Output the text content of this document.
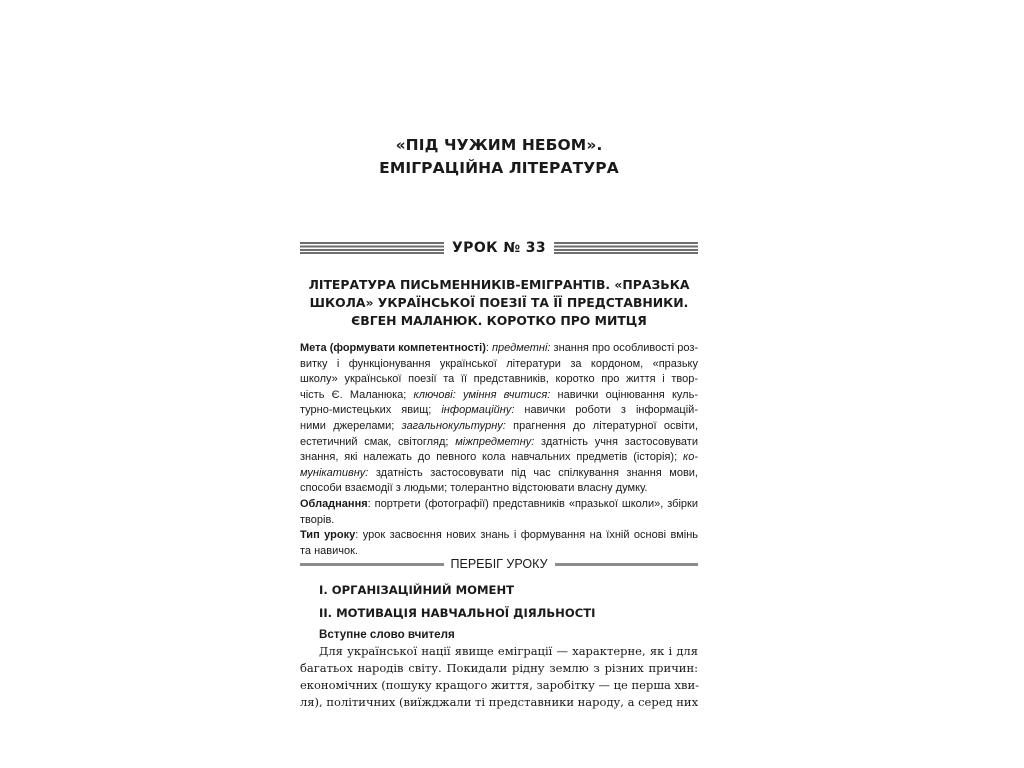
«ПІД ЧУЖИМ НЕБОМ».
ЕМІГРАЦІЙНА ЛІТЕРАТУРА
УРОК № 33
ЛІТЕРАТУРА ПИСЬМЕННИКІВ-ЕМІГРАНТІВ. «ПРАЗЬКА
ШКОЛА» УКРАЇНСЬКОЇ ПОЕЗІЇ ТА ЇЇ ПРЕДСТАВНИКИ.
ЄВГЕН МАЛАНЮК. КОРОТКО ПРО МИТЦЯ
Мета (формувати компетентності): предметні: знання про особливості роз-
витку і функціонування української літератури за кордоном, «празьку
школу» української поезії та її представників, коротко про життя і твор-
чість Є. Маланюка; ключові: уміння вчитися: навички оцінювання куль-
турно-мистецьких явищ; інформаційну: навички роботи з інформацій-
ними джерелами; загальнокультурну: прагнення до літературної освіти,
естетичний смак, світогляд; міжпредметну: здатність учня застосовувати
знання, які належать до певного кола навчальних предметів (історія); ко-
мунікативну: здатність застосовувати під час спілкування знання мови,
способи взаємодії з людьми; толерантно відстоювати власну думку.
Обладнання: портрети (фотографії) представників «празької школи», збірки
творів.
Тип уроку: урок засвоєння нових знань і формування на їхній основі вмінь
та навичок.
ПЕРЕБІГ УРОКУ
І. ОРГАНІЗАЦІЙНИЙ МОМЕНТ
ІІ. МОТИВАЦІЯ НАВЧАЛЬНОЇ ДІЯЛЬНОСТІ
Вступне слово вчителя
Для української нації явище еміграції — характерне, як і для
багатьох народів світу. Покидали рідну землю з різних причин:
економічних (пошуку кращого життя, заробітку — це перша хви-
ля), політичних (виїжджали ті представники народу, а серед них
